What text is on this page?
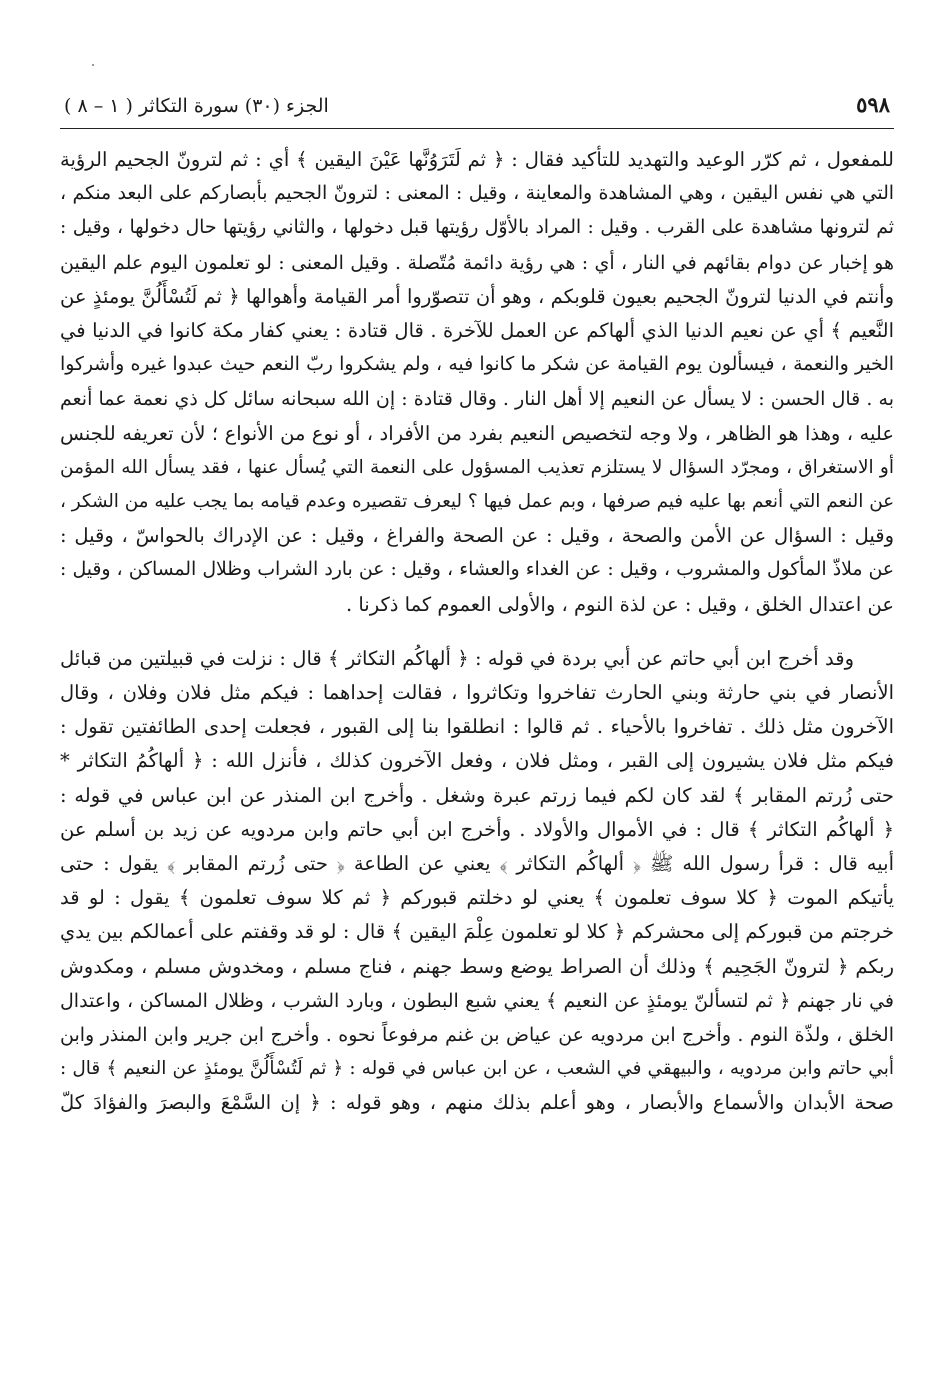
٥٩٨
الجزء (٣٠) سورة التكاثر ( ١ – ٨ )

للمفعول ، ثم كرّر الوعيد والتهديد للتأكيد فقال : ﴿ ثم لَتَرَوُنَّها عَيْنَ اليقين ﴾ أي : ثم لترونّ الجحيم الرؤية
التي هي نفس اليقين ، وهي المشاهدة والمعاينة ، وقيل : المعنى : لترونّ الجحيم بأبصاركم على البعد منكم ،
ثم لترونها مشاهدة على القرب . وقيل : المراد بالأوّل رؤيتها قبل دخولها ، والثاني رؤيتها حال دخولها ، وقيل :
هو إخبار عن دوام بقائهم في النار ، أي : هي رؤية دائمة مُتّصلة . وقيل المعنى : لو تعلمون اليوم علم اليقين
وأنتم في الدنيا لترونّ الجحيم بعيون قلوبكم ، وهو أن تتصوّروا أمر القيامة وأهوالها ﴿ ثم لَتُسْأَلُنَّ يومئذٍ عن
النَّعيم ﴾ أي عن نعيم الدنيا الذي ألهاكم عن العمل للآخرة . قال قتادة : يعني كفار مكة كانوا في الدنيا في
الخير والنعمة ، فيسألون يوم القيامة عن شكر ما كانوا فيه ، ولم يشكروا ربّ النعم حيث عبدوا غيره وأشركوا
به . قال الحسن : لا يسأل عن النعيم إلا أهل النار . وقال قتادة : إن الله سبحانه سائل كل ذي نعمة عما أنعم
عليه ، وهذا هو الظاهر ، ولا وجه لتخصيص النعيم بفرد من الأفراد ، أو نوع من الأنواع ؛ لأن تعريفه للجنس
أو الاستغراق ، ومجرّد السؤال لا يستلزم تعذيب المسؤول على النعمة التي يُسأل عنها ، فقد يسأل الله المؤمن
عن النعم التي أنعم بها عليه فيم صرفها ، وبم عمل فيها ؟ ليعرف تقصيره وعدم قيامه بما يجب عليه من الشكر ،
وقيل : السؤال عن الأمن والصحة ، وقيل : عن الصحة والفراغ ، وقيل : عن الإدراك بالحواسّ ، وقيل :
عن ملاذّ المأكول والمشروب ، وقيل : عن الغداء والعشاء ، وقيل : عن بارد الشراب وظلال المساكن ، وقيل :
عن اعتدال الخلق ، وقيل : عن لذة النوم ، والأولى العموم كما ذكرنا .

وقد أخرج ابن أبي حاتم عن أبي بردة في قوله : ﴿ ألهاكُم التكاثر ﴾ قال : نزلت في قبيلتين من قبائل
الأنصار في بني حارثة وبني الحارث تفاخروا وتكاثروا ، فقالت إحداهما : فيكم مثل فلان وفلان ، وقال
الآخرون مثل ذلك . تفاخروا بالأحياء . ثم قالوا : انطلقوا بنا إلى القبور ، فجعلت إحدى الطائفتين تقول :
فيكم مثل فلان يشيرون إلى القبر ، ومثل فلان ، وفعل الآخرون كذلك ، فأنزل الله : ﴿ ألهاكُمُ التكاثر *
حتى زُرتم المقابر ﴾ لقد كان لكم فيما زرتم عبرة وشغل . وأخرج ابن المنذر عن ابن عباس في قوله :
﴿ ألهاكُم التكاثر ﴾ قال : في الأموال والأولاد . وأخرج ابن أبي حاتم وابن مردويه عن زيد بن أسلم عن
أبيه قال : قرأ رسول الله ﷺ ﴿ ألهاكُم التكاثر ﴾ يعني عن الطاعة ﴿ حتى زُرتم المقابر ﴾ يقول : حتى
يأتيكم الموت ﴿ كلا سوف تعلمون ﴾ يعني لو دخلتم قبوركم ﴿ ثم كلا سوف تعلمون ﴾ يقول : لو قد
خرجتم من قبوركم إلى محشركم ﴿ كلا لو تعلمون عِلْمَ اليقين ﴾ قال : لو قد وقفتم على أعمالكم بين يدي
ربكم ﴿ لترونّ الجَحِيم ﴾ وذلك أن الصراط يوضع وسط جهنم ، فناج مسلم ، ومخدوش مسلم ، ومكدوش
في نار جهنم ﴿ ثم لتسألنّ يومئذٍ عن النعيم ﴾ يعني شبع البطون ، وبارد الشرب ، وظلال المساكن ، واعتدال
الخلق ، ولذّة النوم . وأخرج ابن مردويه عن عياض بن غنم مرفوعاً نحوه . وأخرج ابن جرير وابن المنذر وابن
أبي حاتم وابن مردويه ، والبيهقي في الشعب ، عن ابن عباس في قوله : ﴿ ثم لَتُسْأَلُنَّ يومئذٍ عن النعيم ﴾ قال :
صحة الأبدان والأسماع والأبصار ، وهو أعلم بذلك منهم ، وهو قوله : ﴿ إن السَّمْعَ والبصرَ والفؤادَ كلّ
